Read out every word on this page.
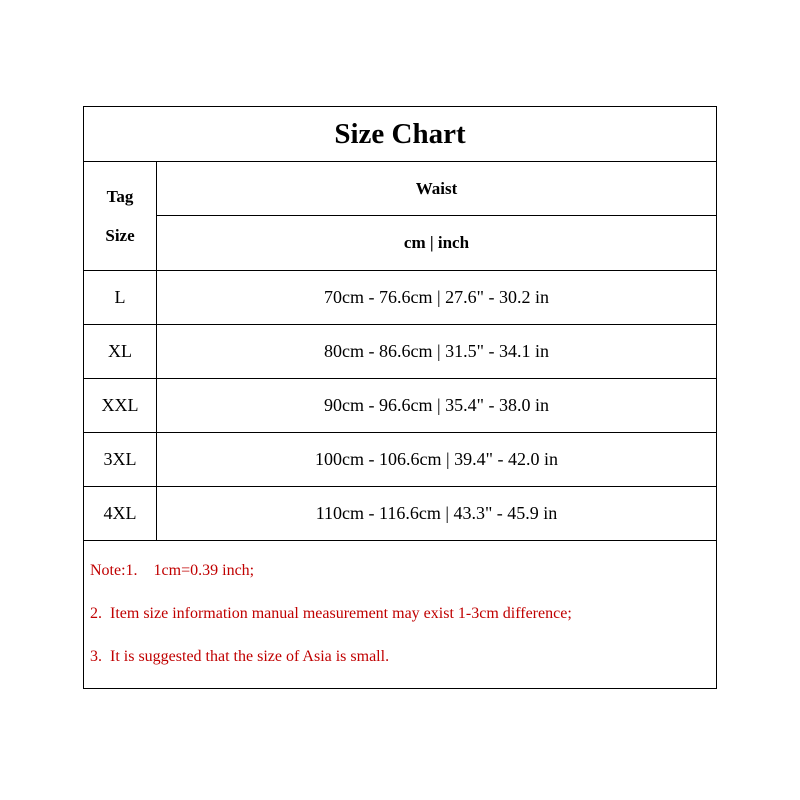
Size Chart
Tag
Size
Waist
cm | inch
L	70cm - 76.6cm | 27.6" - 30.2 in
XL	80cm - 86.6cm | 31.5" - 34.1 in
XXL	90cm - 96.6cm | 35.4" - 38.0 in
3XL	100cm - 106.6cm | 39.4" - 42.0 in
4XL	110cm - 116.6cm | 43.3" - 45.9 in
Note:1.    1cm=0.39 inch;
2.  Item size information manual measurement may exist 1-3cm difference;
3.  It is suggested that the size of Asia is small.
